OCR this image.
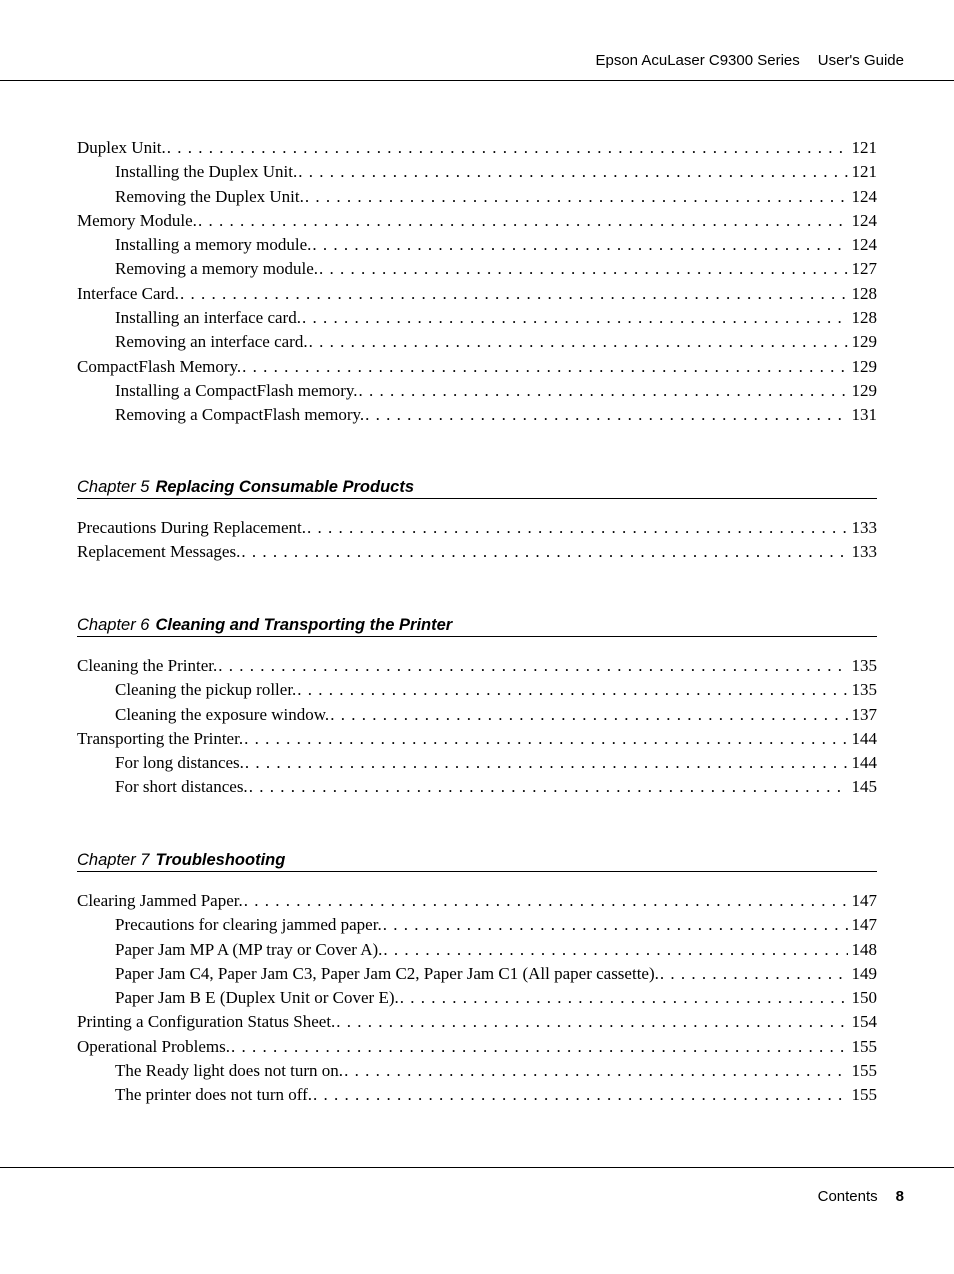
Epson AcuLaser C9300 Series User's Guide
Duplex Unit. . . .	121
Installing the Duplex Unit. . . .	121
Removing the Duplex Unit. . . .	124
Memory Module. . . .	124
Installing a memory module. . . .	124
Removing a memory module. . . .	127
Interface Card. . . .	128
Installing an interface card. . . .	128
Removing an interface card. . . .	129
CompactFlash Memory. . . .	129
Installing a CompactFlash memory. . . .	129
Removing a CompactFlash memory. . . .	131
Chapter 5 Replacing Consumable Products
Precautions During Replacement. . . .	133
Replacement Messages. . . .	133
Chapter 6 Cleaning and Transporting the Printer
Cleaning the Printer. . . .	135
Cleaning the pickup roller. . . .	135
Cleaning the exposure window. . . .	137
Transporting the Printer. . . .	144
For long distances. . . .	144
For short distances. . . .	145
Chapter 7 Troubleshooting
Clearing Jammed Paper. . . .	147
Precautions for clearing jammed paper. . . .	147
Paper Jam MP A (MP tray or Cover A). . . .	148
Paper Jam C4, Paper Jam C3, Paper Jam C2, Paper Jam C1 (All paper cassette). . . .	149
Paper Jam B E (Duplex Unit or Cover E). . . .	150
Printing a Configuration Status Sheet. . . .	154
Operational Problems. . . .	155
The Ready light does not turn on. . . .	155
The printer does not turn off. . . .	155
Contents 8
